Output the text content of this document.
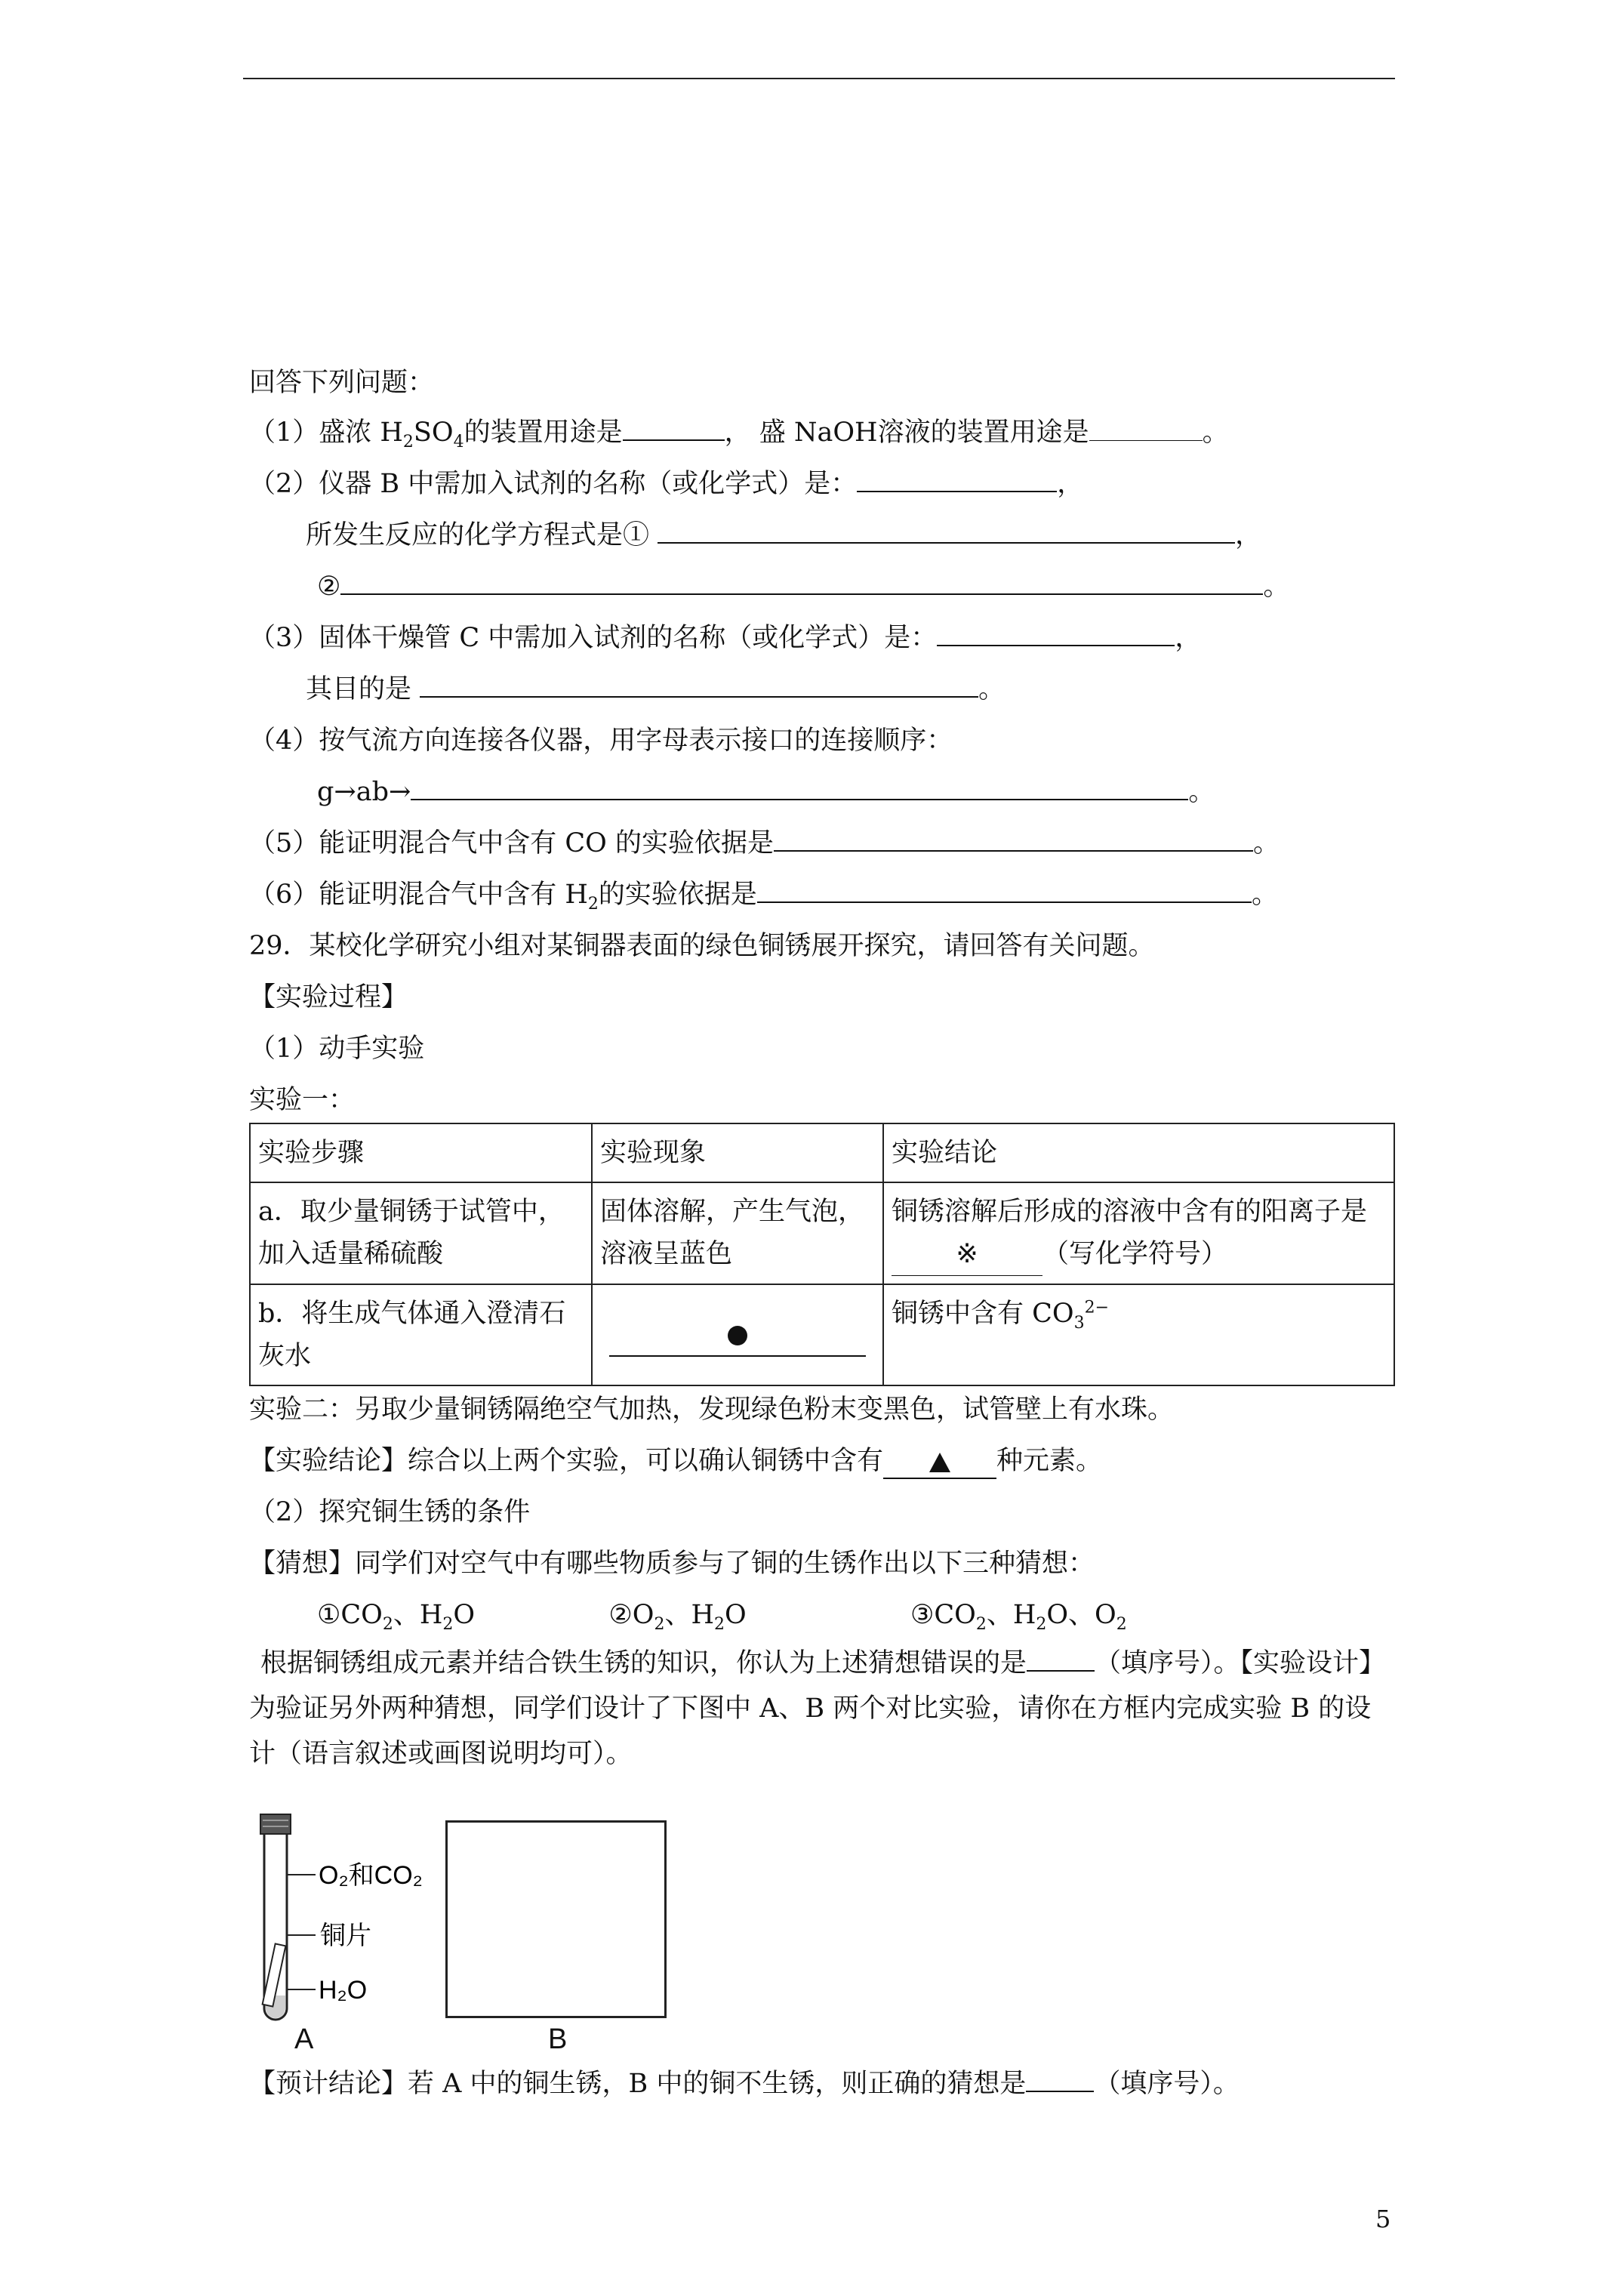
回答下列问题：
（1）盛浓 $H_2SO_4$的装置用途是	， 盛 NaOH溶液的装置用途是	。
（2）仪器 B 中需加入试剂的名称（或化学式）是：	，
所发生反应的化学方程式是①	，
②	。
（3）固体干燥管 C 中需加入试剂的名称（或化学式）是：	，
其目的是	。
（4）按气流方向连接各仪器，用字母表示接口的连接顺序：
g→ab→	。
（5）能证明混合气中含有 CO 的实验依据是	。
（6）能证明混合气中含有 $H_2$的实验依据是	。
29．某校化学研究小组对某铜器表面的绿色铜锈展开探究，请回答有关问题。
【实验过程】
（1）动手实验
实验一：
实验步骤	实验现象	实验结论
a．取少量铜锈于试管中，加入适量稀硫酸	固体溶解，产生气泡，溶液呈蓝色	铜锈溶解后形成的溶液中含有的阳离子是※ （写化学符号）
b．将生成气体通入澄清石灰水		铜锈中含有 $CO_3^{2-}$
实验二：另取少量铜锈隔绝空气加热，发现绿色粉末变黑色，试管壁上有水珠。
【实验结论】综合以上两个实验，可以确认铜锈中含有	种元素。
（2）探究铜生锈的条件
【猜想】同学们对空气中有哪些物质参与了铜的生锈作出以下三种猜想：
$①CO_2$、$H_2O$	$②O_2$、$H_2O$	$③CO_2$、$H_2O$、$O_2$
根据铜锈组成元素并结合铁生锈的知识，你认为上述猜想错误的是	（填序号）。【实验设计】为验证另外两种猜想，同学们设计了下图中 A、B 两个对比实验，请你在方框内完成实验 B 的设计（语言叙述或画图说明均可）。
O₂和CO₂
铜片
H₂O
A	B
【预计结论】若 A 中的铜生锈，B 中的铜不生锈，则正确的猜想是	（填序号）。
5
